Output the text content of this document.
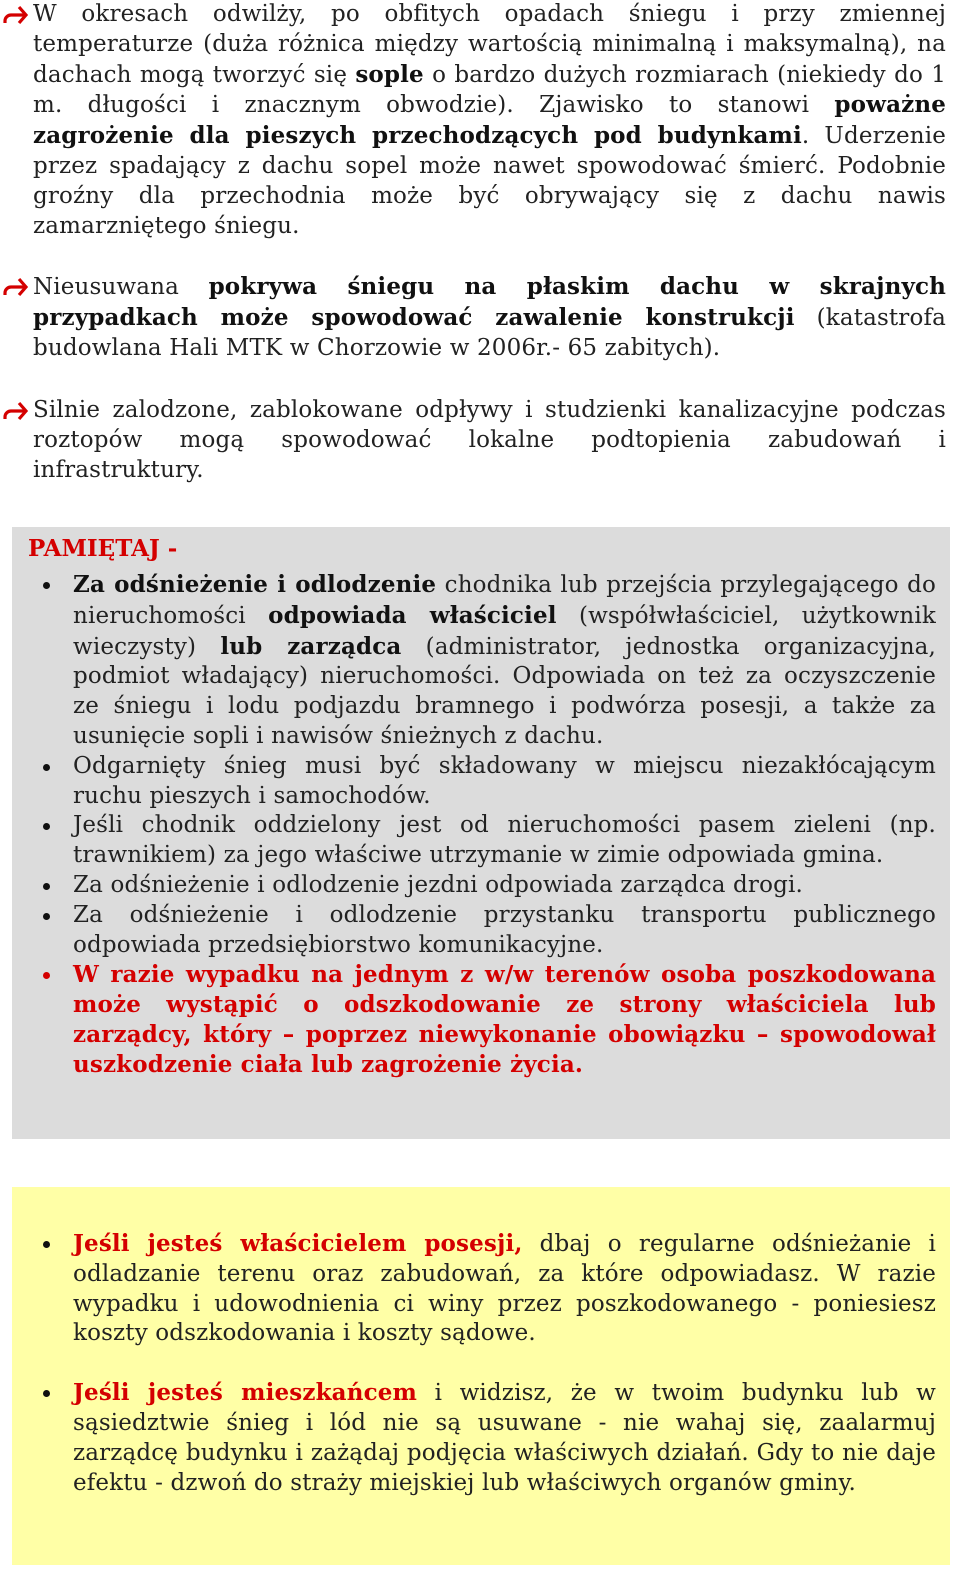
W okresach odwilży, po obfitych opadach śniegu i przy zmiennej temperaturze (duża różnica między wartością minimalną i maksymalną), na dachach mogą tworzyć się sople o bardzo dużych rozmiarach (niekiedy do 1 m. długości i znacznym obwodzie). Zjawisko to stanowi poważne zagrożenie dla pieszych przechodzących pod budynkami. Uderzenie przez spadający z dachu sopel może nawet spowodować śmierć. Podobnie groźny dla przechodnia może być obrywający się z dachu nawis zamarzniętego śniegu.
Nieusuwana pokrywa śniegu na płaskim dachu w skrajnych przypadkach może spowodować zawalenie konstrukcji (katastrofa budowlana Hali MTK w Chorzowie w 2006r.- 65 zabitych).
Silnie zalodzone, zablokowane odpływy i studzienki kanalizacyjne podczas roztopów mogą spowodować lokalne podtopienia zabudowań i infrastruktury.
PAMIĘTAJ -
Za odśnieżenie i odlodzenie chodnika lub przejścia przylegającego do nieruchomości odpowiada właściciel (współwłaściciel, użytkownik wieczysty) lub zarządca (administrator, jednostka organizacyjna, podmiot władający) nieruchomości. Odpowiada on też za oczyszczenie ze śniegu i lodu podjazdu bramnego i podwórza posesji, a także za usunięcie sopli i nawisów śnieżnych z dachu.
Odgarnięty śnieg musi być składowany w miejscu niezakłócającym ruchu pieszych i samochodów.
Jeśli chodnik oddzielony jest od nieruchomości pasem zieleni (np. trawnikiem) za jego właściwe utrzymanie w zimie odpowiada gmina.
Za odśnieżenie i odlodzenie jezdni odpowiada zarządca drogi.
Za odśnieżenie i odlodzenie przystanku transportu publicznego odpowiada przedsiębiorstwo komunikacyjne.
W razie wypadku na jednym z w/w terenów osoba poszkodowana może wystąpić o odszkodowanie ze strony właściciela lub zarządcy, który – poprzez niewykonanie obowiązku – spowodował uszkodzenie ciała lub zagrożenie życia.
Jeśli jesteś właścicielem posesji, dbaj o regularne odśnieżanie i odladzanie terenu oraz zabudowań, za które odpowiadasz. W razie wypadku i udowodnienia ci winy przez poszkodowanego - poniesiesz koszty odszkodowania i koszty sądowe.
Jeśli jesteś mieszkańcem i widzisz, że w twoim budynku lub w sąsiedztwie śnieg i lód nie są usuwane - nie wahaj się, zaalarmuj zarządcę budynku i zażądaj podjęcia właściwych działań. Gdy to nie daje efektu - dzwoń do straży miejskiej lub właściwych organów gminy.
